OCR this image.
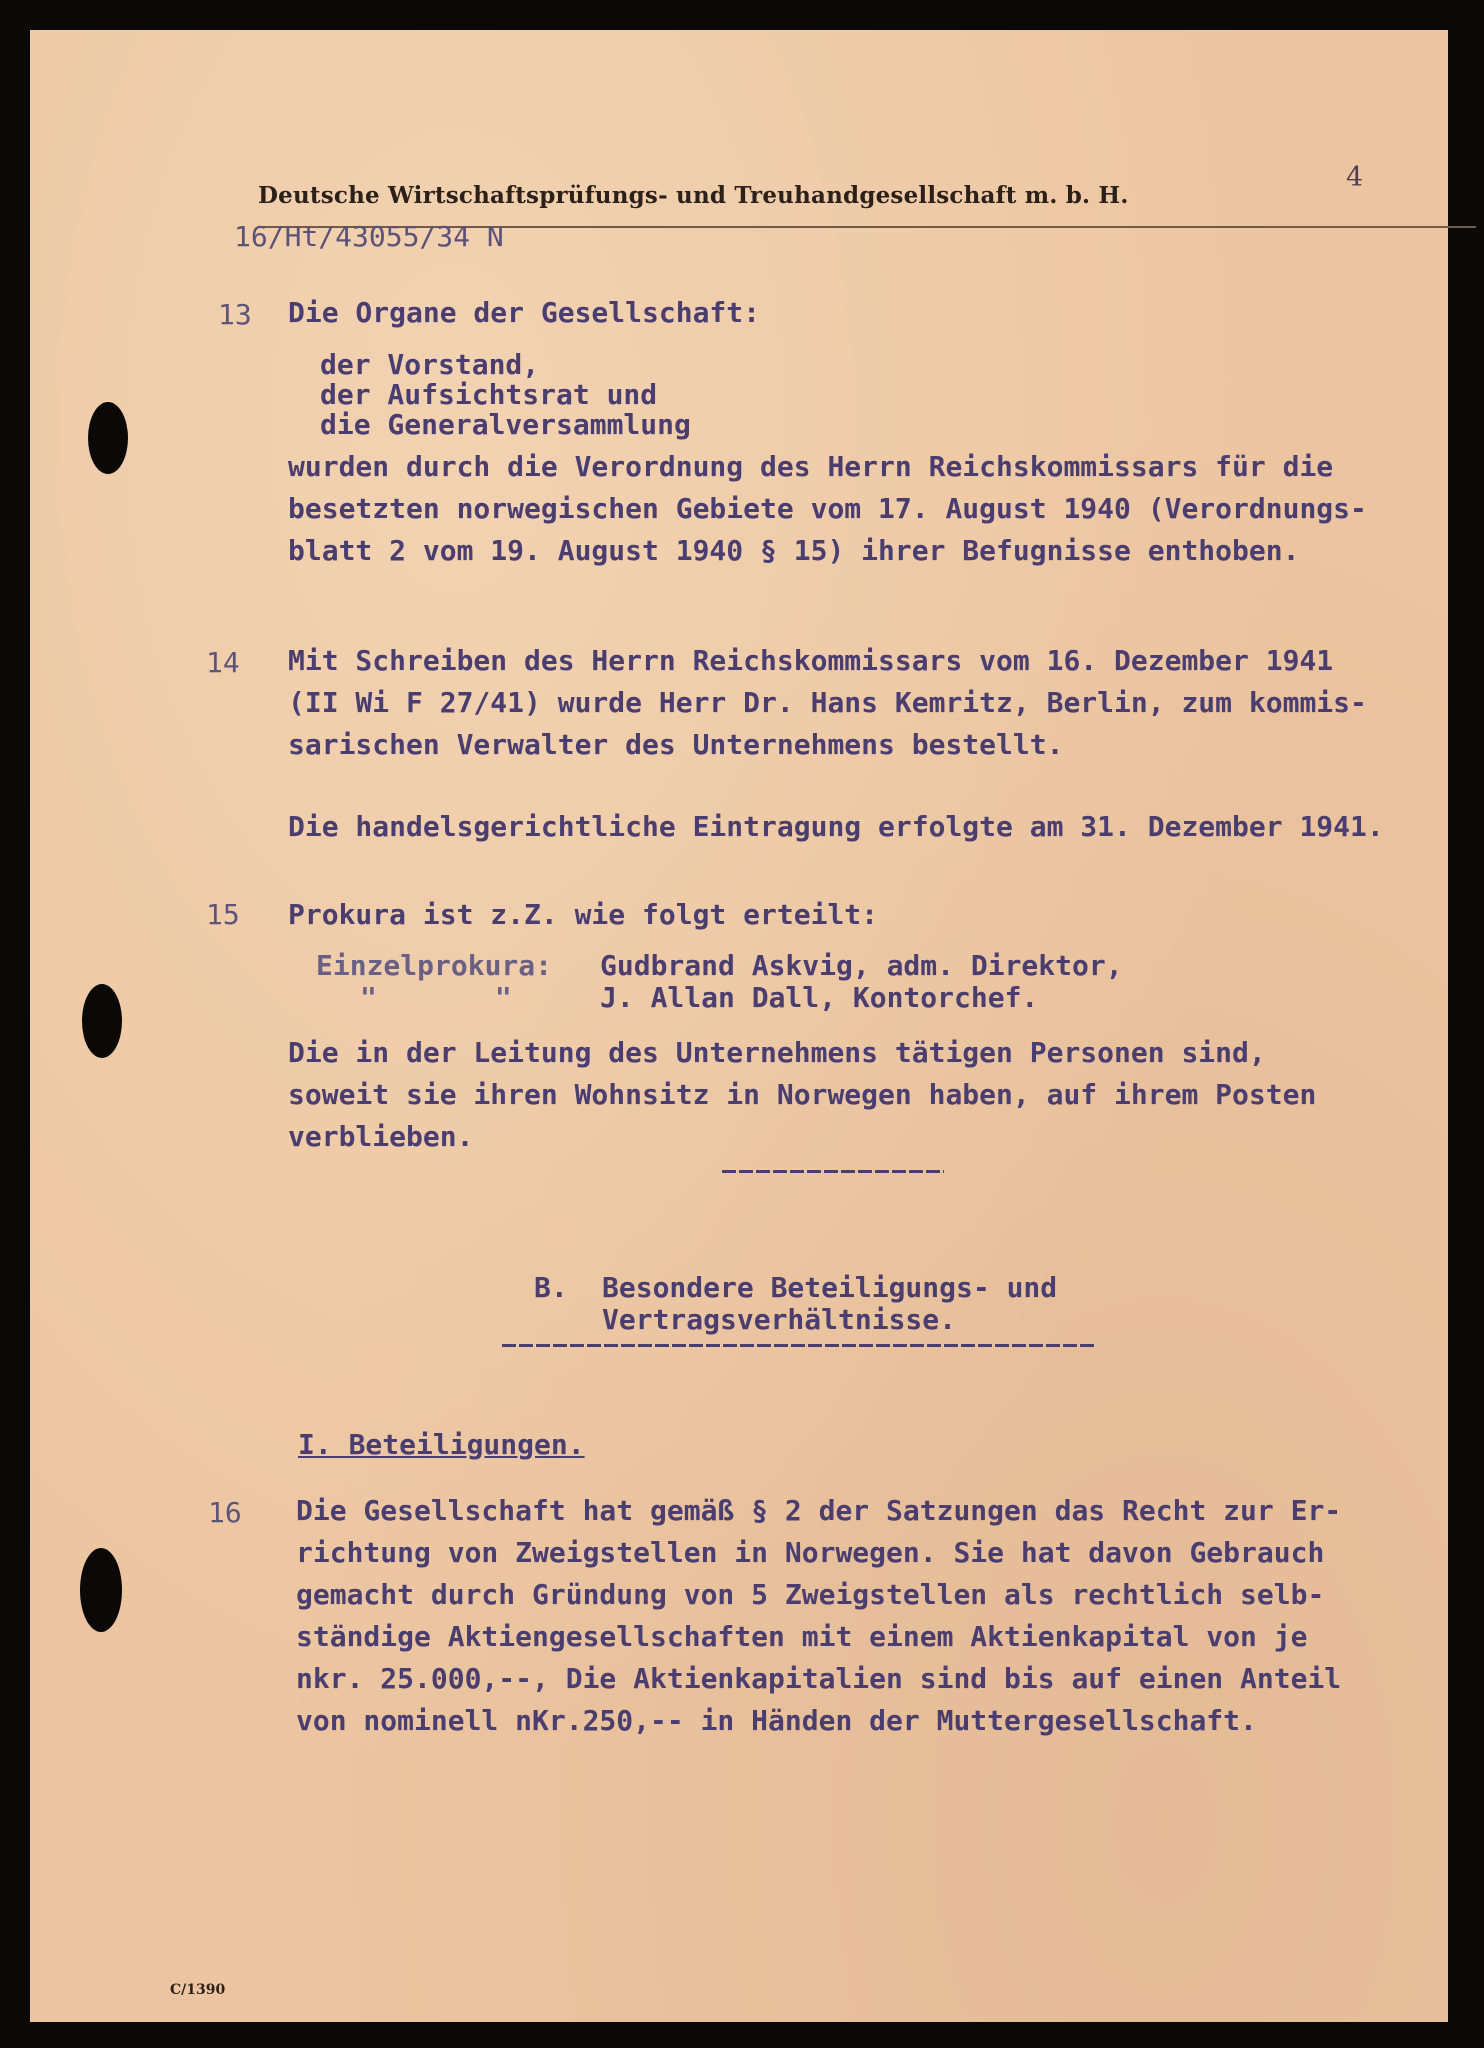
Deutsche Wirtschaftsprüfungs- und Treuhandgesellschaft m. b. H.

4

16/Ht/43055/34 N

13 Die Organe der Gesellschaft:

der Vorstand,

der Aufsichtsrat und

die Generalversammlung

wurden durch die Verordnung des Herrn Reichskommissars für die

besetzten norwegischen Gebiete vom 17. August 1940 (Verordnungs-

blatt 2 vom 19. August 1940 § 15) ihrer Befugnisse enthoben.

14 Mit Schreiben des Herrn Reichskommissars vom 16. Dezember 1941

(II Wi F 27/41) wurde Herr Dr. Hans Kemritz, Berlin, zum kommis-

sarischen Verwalter des Unternehmens bestellt.

Die handelsgerichtliche Eintragung erfolgte am 31. Dezember 1941.

15 Prokura ist z.Z. wie folgt erteilt:

Einzelprokura: Gudbrand Askvig, adm. Direktor,

"       "	J. Allan Dall, Kontorchef.

Die in der Leitung des Unternehmens tätigen Personen sind,

soweit sie ihren Wohnsitz in Norwegen haben, auf ihrem Posten

verblieben.

B. Besondere Beteiligungs- und

Vertragsverhältnisse.

I. Beteiligungen.

16 Die Gesellschaft hat gemäß § 2 der Satzungen das Recht zur Er-

richtung von Zweigstellen in Norwegen. Sie hat davon Gebrauch

gemacht durch Gründung von 5 Zweigstellen als rechtlich selb-

ständige Aktiengesellschaften mit einem Aktienkapital von je

nkr. 25.000,--, Die Aktienkapitalien sind bis auf einen Anteil

von nominell nKr.250,-- in Händen der Muttergesellschaft.

C/1390
